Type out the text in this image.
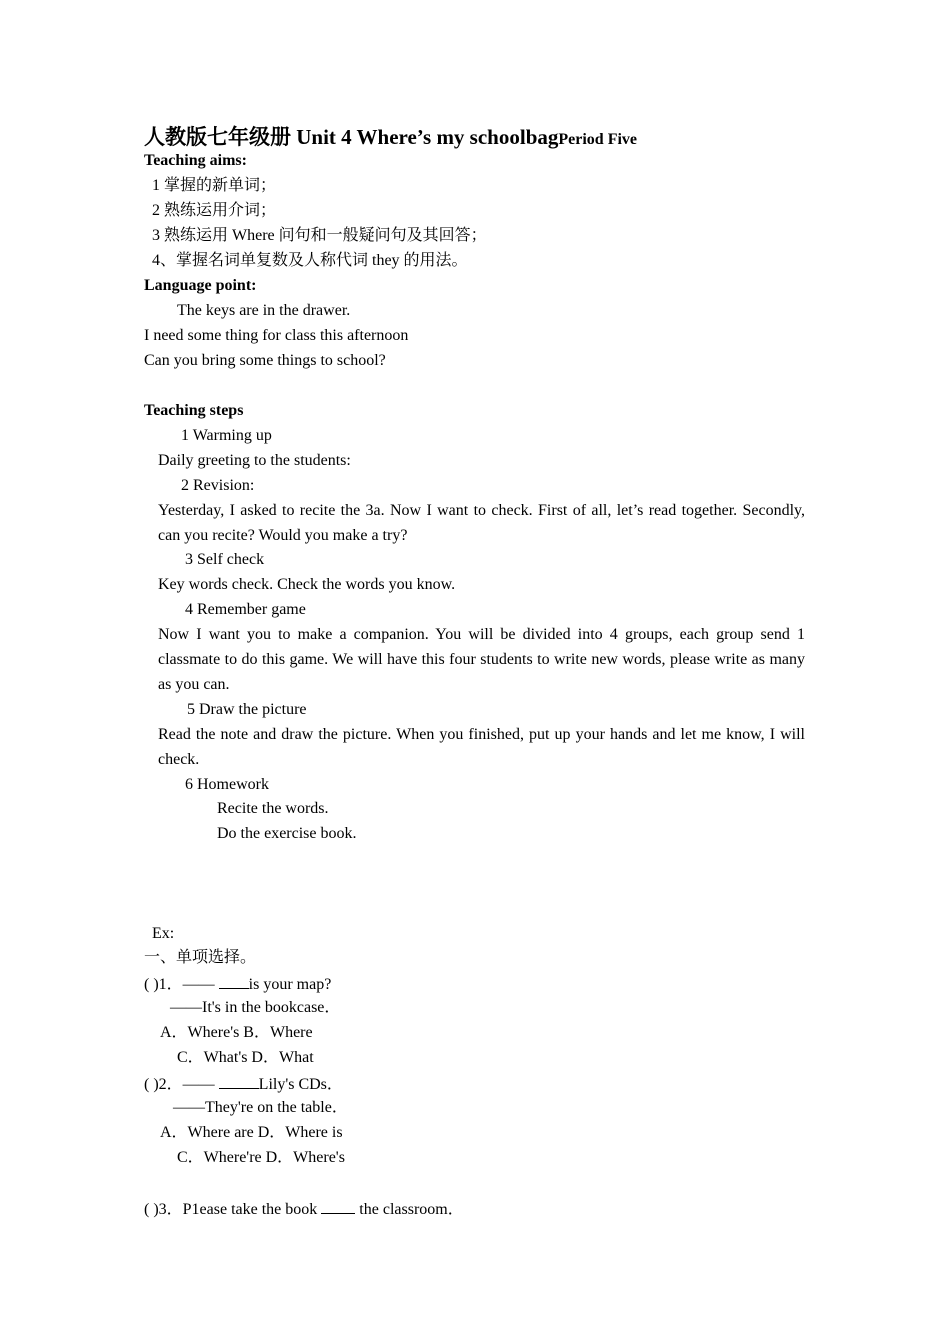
人教版七年级册 Unit 4 Where’s my schoolbagPeriod Five
Teaching aims:
1 掌握的新单词；
2 熟练运用介词；
3 熟练运用 Where 问句和一般疑问句及其回答；
4、掌握名词单复数及人称代词 they 的用法。
Language point:
The keys are in the drawer.
I need some thing for class this afternoon
Can you bring some things to school?
Teaching steps
1 Warming up
Daily greeting to the students:
2 Revision:
Yesterday, I asked to recite the 3a. Now I want to check. First of all, let’s read together. Secondly, can you recite? Would you make a try?
3 Self check
Key words check. Check the words you know.
4 Remember game
Now I want you to make a companion. You will be divided into 4 groups, each group send 1 classmate to do this game. We will have this four students to write new words, please write as many as you can.
5 Draw the picture
Read the note and draw the picture. When you finished, put up your hands and let me know, I will check.
6 Homework
Recite the words.
Do the exercise book.
Ex:
一、单项选择。
( )1．—— is your map?
——It's in the bookcase．
A．Where's B．Where
C．What's D．What
( )2．——	Lily's CDs．
——They're on the table．
A．Where are D．Where is
C．Where're D．Where's
( )3．P1ease take the book  the classroom．
